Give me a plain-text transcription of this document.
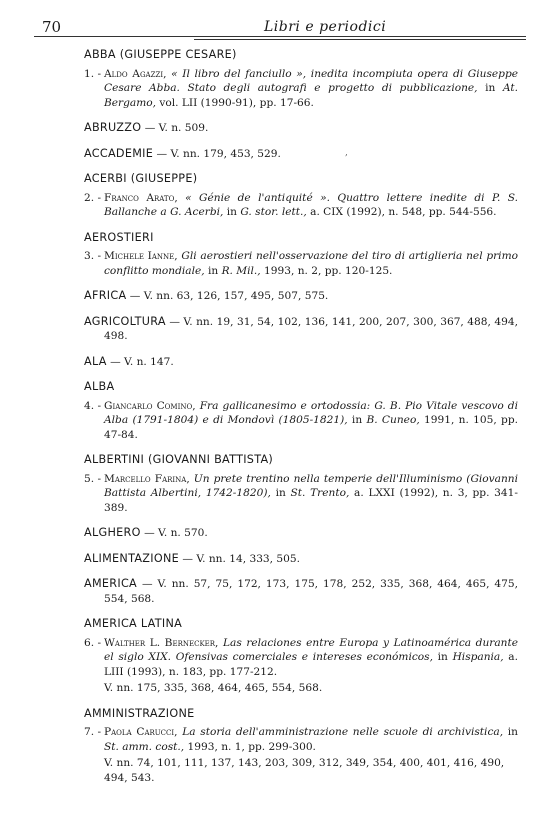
70	Libri e periodici
ABBA (GIUSEPPE CESARE)
1. - Aldo Agazzi, « Il libro del fanciullo », inedita incompiuta opera di Giuseppe Cesare Abba. Stato degli autografi e progetto di pubblicazione, in At. Bergamo, vol. LII (1990-91), pp. 17-66.
ABRUZZO — V. n. 509.
ACCADEMIE — V. nn. 179, 453, 529.
ACERBI (GIUSEPPE)
2. - Franco Arato, « Génie de l'antiquité ». Quattro lettere inedite di P. S. Ballanche a G. Acerbi, in G. stor. lett., a. CIX (1992), n. 548, pp. 544-556.
AEROSTIERI
3. - Michele Ianne, Gli aerostieri nell'osservazione del tiro di artiglieria nel primo conflitto mondiale, in R. Mil., 1993, n. 2, pp. 120-125.
AFRICA — V. nn. 63, 126, 157, 495, 507, 575.
AGRICOLTURA — V. nn. 19, 31, 54, 102, 136, 141, 200, 207, 300, 367, 488, 494, 498.
ALA — V. n. 147.
ALBA
4. - Giancarlo Comino, Fra gallicanesimo e ortodossia: G. B. Pio Vitale vescovo di Alba (1791-1804) e di Mondovì (1805-1821), in B. Cuneo, 1991, n. 105, pp. 47-84.
ALBERTINI (GIOVANNI BATTISTA)
5. - Marcello Farina, Un prete trentino nella temperie dell'Illuminismo (Giovanni Battista Albertini, 1742-1820), in St. Trento, a. LXXI (1992), n. 3, pp. 341-389.
ALGHERO — V. n. 570.
ALIMENTAZIONE — V. nn. 14, 333, 505.
AMERICA — V. nn. 57, 75, 172, 173, 175, 178, 252, 335, 368, 464, 465, 475, 554, 568.
AMERICA LATINA
6. - Walther L. Bernecker, Las relaciones entre Europa y Latinoamérica durante el siglo XIX. Ofensivas comerciales e intereses económicos, in Hispania, a. LIII (1993), n. 183, pp. 177-212.
V. nn. 175, 335, 368, 464, 465, 554, 568.
AMMINISTRAZIONE
7. - Paola Carucci, La storia dell'amministrazione nelle scuole di archivistica, in St. amm. cost., 1993, n. 1, pp. 299-300.
V. nn. 74, 101, 111, 137, 143, 203, 309, 312, 349, 354, 400, 401, 416, 490, 494, 543.
,
